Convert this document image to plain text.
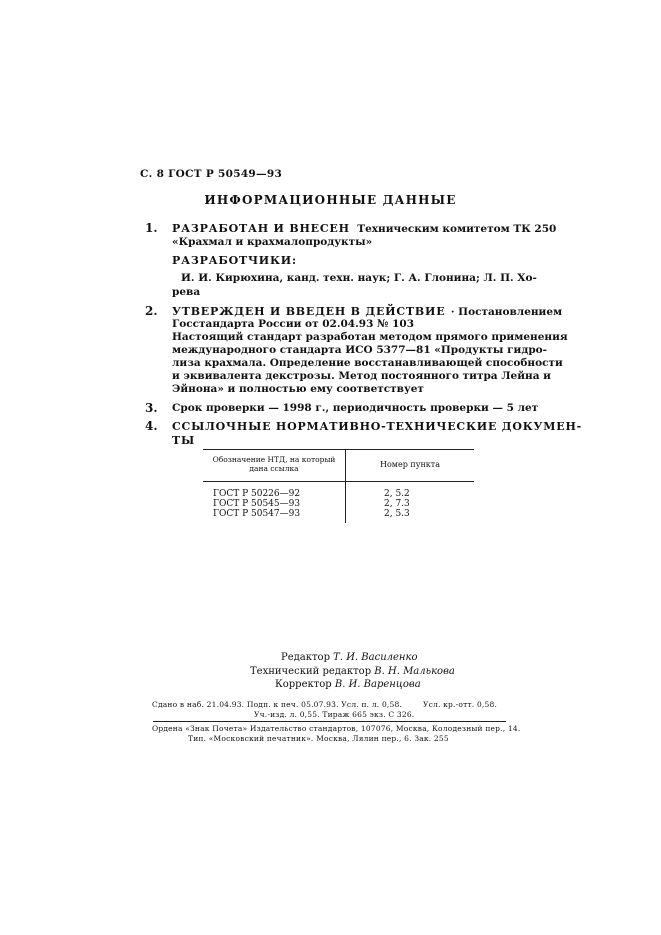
С. 8 ГОСТ Р 50549—93
ИНФОРМАЦИОННЫЕ ДАННЫЕ
1. РАЗРАБОТАН И ВНЕСЕН Техническим комитетом ТК 250
«Крахмал и крахмалопродукты»
РАЗРАБОТЧИКИ:
И. И. Кирюхина, канд. техн. наук; Г. А. Глонина; Л. П. Хо-
рева
2. УТВЕРЖДЕН И ВВЕДЕН В ДЕЙСТВИЕ · Постановлением
Госстандарта России от 02.04.93 № 103
Настоящий стандарт разработан методом прямого применения
международного стандарта ИСО 5377—81 «Продукты гидро-
лиза крахмала. Определение восстанавливающей способности
и эквивалента декстрозы. Метод постоянного титра Лейна и
Эйнона» и полностью ему соответствует
3. Срок проверки — 1998 г., периодичность проверки — 5 лет
4. ССЫЛОЧНЫЕ НОРМАТИВНО-ТЕХНИЧЕСКИЕ ДОКУМЕН-
ТЫ
Обозначение НТД, на который дана ссылка	Номер пункта
ГОСТ Р 50226—92	2, 5.2
ГОСТ Р 50545—93	2, 7.3
ГОСТ Р 50547—93	2, 5.3
Редактор Т. И. Василенко
Технический редактор В. Н. Малькова
Корректор В. И. Варенцова
Сдано в наб. 21.04.93. Подп. к печ. 05.07.93. Усл. п. л. 0,58.	Усл. кр.-отт. 0,58.
Уч.-изд. л. 0,55. Тираж 665 экз. С 326.
Ордена «Знак Почета» Издательство стандартов, 107076, Москва, Колодезный пер., 14.
Тип. «Московский печатник». Москва, Лялин пер., 6. Зак. 255
